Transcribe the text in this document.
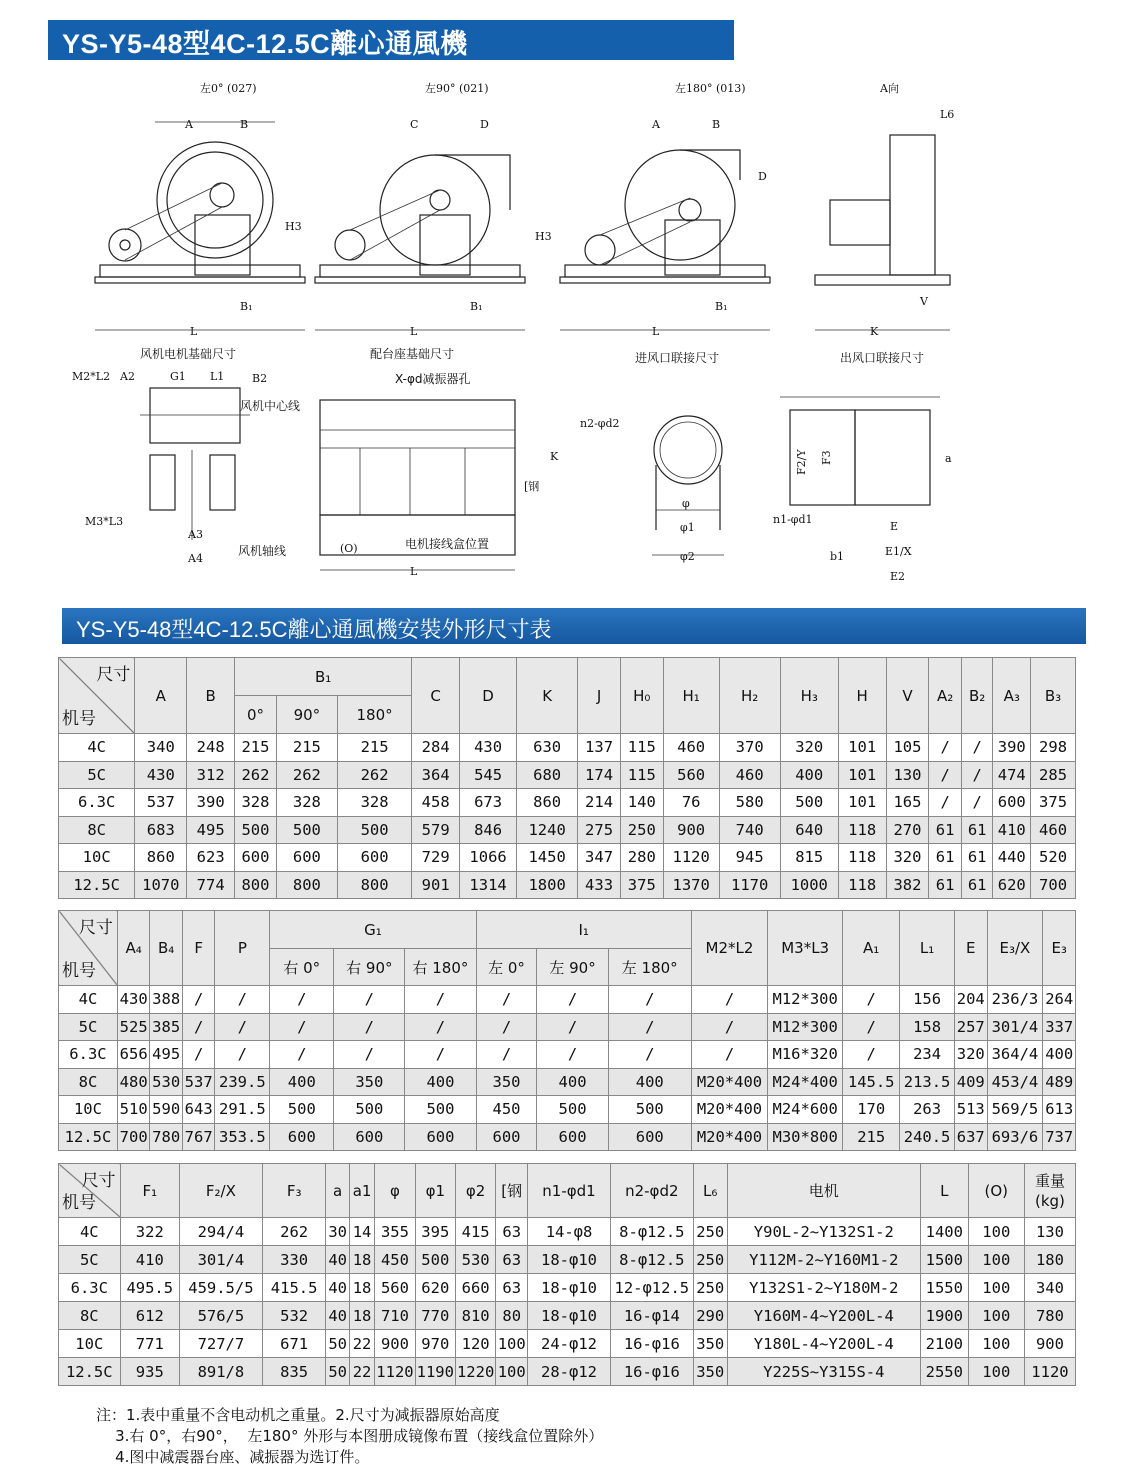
YS-Y5-48型4C-12.5C離心通風機
左0° (027)	左90° (021)	左180° (013)	A向
A	B
L
B₁
H3
C	D
L
B₁
H3
A	B
L
B₁
D
K
V
L6
风机电机基础尺寸	配台座基础尺寸	进风口联接尺寸	出风口联接尺寸
M2*L2 A2	G1 L1	B2
M3*L3
A3
A4
风机中心线
风机轴线
L
K
X-φd减振器孔
电机接线盒位置
(O)
[钢
φ
φ1
φ2
n2-φd2
F2/Y F3
n1-φd1
b1
E
E1/X
E2
a
YS-Y5-48型4C-12.5C離心通風機安裝外形尺寸表
尺寸
机号	A	B	B₁			C	D	K	J	H₀	H₁	H₂	H₃	H	V	A₂	B₂	A₃	B₃
			0°	90°	180°														
4C	340	248	215	215	215	284	430	630	137	115	460	370	320	101	105	/	/	390	298
5C	430	312	262	262	262	364	545	680	174	115	560	460	400	101	130	/	/	474	285
6.3C	537	390	328	328	328	458	673	860	214	140	76	580	500	101	165	/	/	600	375
8C	683	495	500	500	500	579	846	1240	275	250	900	740	640	118	270	61	61	410	460
10C	860	623	600	600	600	729	1066	1450	347	280	1120	945	815	118	320	61	61	440	520
12.5C	1070	774	800	800	800	901	1314	1800	433	375	1370	1170	1000	118	382	61	61	620	700
尺寸
机号	A₄	B₄	F	P	G₁			I₁			M2*L2	M3*L3	A₁	L₁	E	E₃/X	E₃
					右 0°	右 90°	右 180°	左 0°	左 90°	左 180°							
4C	430	388	/	/	/	/	/	/	/	/	/	M12*300	/	156	204	236/3	264
5C	525	385	/	/	/	/	/	/	/	/	/	M12*300	/	158	257	301/4	337
6.3C	656	495	/	/	/	/	/	/	/	/	/	M16*320	/	234	320	364/4	400
8C	480	530	537	239.5	400	350	400	350	400	400	M20*400	M24*400	145.5	213.5	409	453/4	489
10C	510	590	643	291.5	500	500	500	450	500	500	M20*400	M24*600	170	263	513	569/5	613
12.5C	700	780	767	353.5	600	600	600	600	600	600	M20*400	M30*800	215	240.5	637	693/6	737
尺寸
机号	F₁	F₂/X	F₃	a	a1	φ	φ1	φ2	[钢	n1-φd1	n2-φd2	L₆	电机	L	(O)	重量(kg)
4C	322	294/4	262	30	14	355	395	415	63	14-φ8	8-φ12.5	250	Y90L-2~Y132S1-2	1400	100	130
5C	410	301/4	330	40	18	450	500	530	63	18-φ10	8-φ12.5	250	Y112M-2~Y160M1-2	1500	100	180
6.3C	495.5	459.5/5	415.5	40	18	560	620	660	63	18-φ10	12-φ12.5	250	Y132S1-2~Y180M-2	1550	100	340
8C	612	576/5	532	40	18	710	770	810	80	18-φ10	16-φ14	290	Y160M-4~Y200L-4	1900	100	780
10C	771	727/7	671	50	22	900	970	120	100	24-φ12	16-φ16	350	Y180L-4~Y200L-4	2100	100	900
12.5C	935	891/8	835	50	22	1120	1190	1220	100	28-φ12	16-φ16	350	Y225S~Y315S-4	2550	100	1120
注：1.表中重量不含电动机之重量。2.尺寸为减振器原始高度
3.右 0°，右90°，  左180° 外形与本图册成镜像布置（接线盒位置除外）
4.图中减震器台座、减振器为选订件。
